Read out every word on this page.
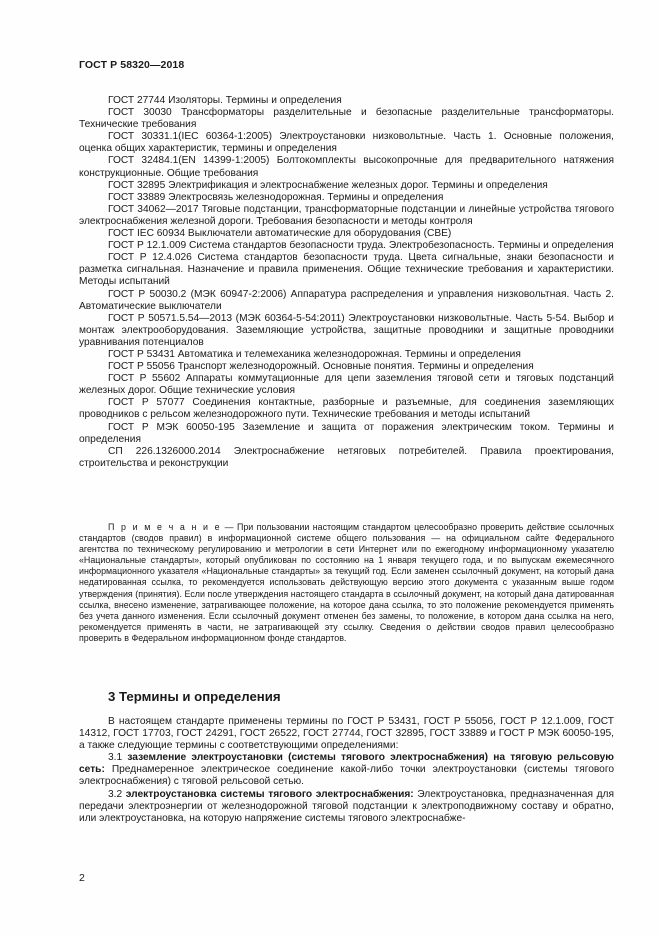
ГОСТ Р 58320—2018

ГОСТ 27744 Изоляторы. Термины и определения

ГОСТ 30030 Трансформаторы разделительные и безопасные разделительные трансформаторы. Технические требования

ГОСТ 30331.1(IEC 60364-1:2005) Электроустановки низковольтные. Часть 1. Основные положения, оценка общих характеристик, термины и определения

ГОСТ 32484.1(EN 14399-1:2005) Болтокомплекты высокопрочные для предварительного натяжения конструкционные. Общие требования

ГОСТ 32895 Электрификация и электроснабжение железных дорог. Термины и определения

ГОСТ 33889 Электросвязь железнодорожная. Термины и определения

ГОСТ 34062—2017 Тяговые подстанции, трансформаторные подстанции и линейные устройства тягового электроснабжения железной дороги. Требования безопасности и методы контроля

ГОСТ IEC 60934 Выключатели автоматические для оборудования (CBE)

ГОСТ Р 12.1.009 Система стандартов безопасности труда. Электробезопасность. Термины и определения

ГОСТ Р 12.4.026 Система стандартов безопасности труда. Цвета сигнальные, знаки безопасности и разметка сигнальная. Назначение и правила применения. Общие технические требования и характеристики. Методы испытаний

ГОСТ Р 50030.2 (МЭК 60947-2:2006) Аппаратура распределения и управления низковольтная. Часть 2. Автоматические выключатели

ГОСТ Р 50571.5.54—2013 (МЭК 60364-5-54:2011) Электроустановки низковольтные. Часть 5-54. Выбор и монтаж электрооборудования. Заземляющие устройства, защитные проводники и защитные проводники уравнивания потенциалов

ГОСТ Р 53431 Автоматика и телемеханика железнодорожная. Термины и определения

ГОСТ Р 55056 Транспорт железнодорожный. Основные понятия. Термины и определения

ГОСТ Р 55602 Аппараты коммутационные для цепи заземления тяговой сети и тяговых подстанций железных дорог. Общие технические условия

ГОСТ Р 57077 Соединения контактные, разборные и разъемные, для соединения заземляющих проводников с рельсом железнодорожного пути. Технические требования и методы испытаний

ГОСТ Р МЭК 60050-195 Заземление и защита от поражения электрическим током. Термины и определения

СП 226.1326000.2014 Электроснабжение нетяговых потребителей. Правила проектирования, строительства и реконструкции

П р и м е ч а н и е — При пользовании настоящим стандартом целесообразно проверить действие ссылочных стандартов (сводов правил) в информационной системе общего пользования — на официальном сайте Федерального агентства по техническому регулированию и метрологии в сети Интернет или по ежегодному информационному указателю «Национальные стандарты», который опубликован по состоянию на 1 января текущего года, и по выпускам ежемесячного информационного указателя «Национальные стандарты» за текущий год. Если заменен ссылочный документ, на который дана недатированная ссылка, то рекомендуется использовать действующую версию этого документа с указанным выше годом утверждения (принятия). Если после утверждения настоящего стандарта в ссылочный документ, на который дана датированная ссылка, внесено изменение, затрагивающее положение, на которое дана ссылка, то это положение рекомендуется применять без учета данного изменения. Если ссылочный документ отменен без замены, то положение, в котором дана ссылка на него, рекомендуется применять в части, не затрагивающей эту ссылку. Сведения о действии сводов правил целесообразно проверить в Федеральном информационном фонде стандартов.

3 Термины и определения

В настоящем стандарте применены термины по ГОСТ Р 53431, ГОСТ Р 55056, ГОСТ Р 12.1.009, ГОСТ 14312, ГОСТ 17703, ГОСТ 24291, ГОСТ 26522, ГОСТ 27744, ГОСТ 32895, ГОСТ 33889 и ГОСТ Р МЭК 60050-195, а также следующие термины с соответствующими определениями:

3.1 заземление электроустановки (системы тягового электроснабжения) на тяговую рельсовую сеть: Преднамеренное электрическое соединение какой-либо точки электроустановки (системы тягового электроснабжения) с тяговой рельсовой сетью.

3.2 электроустановка системы тягового электроснабжения: Электроустановка, предназначенная для передачи электроэнергии от железнодорожной тяговой подстанции к электроподвижному составу и обратно, или электроустановка, на которую напряжение системы тягового электроснабже-

2
